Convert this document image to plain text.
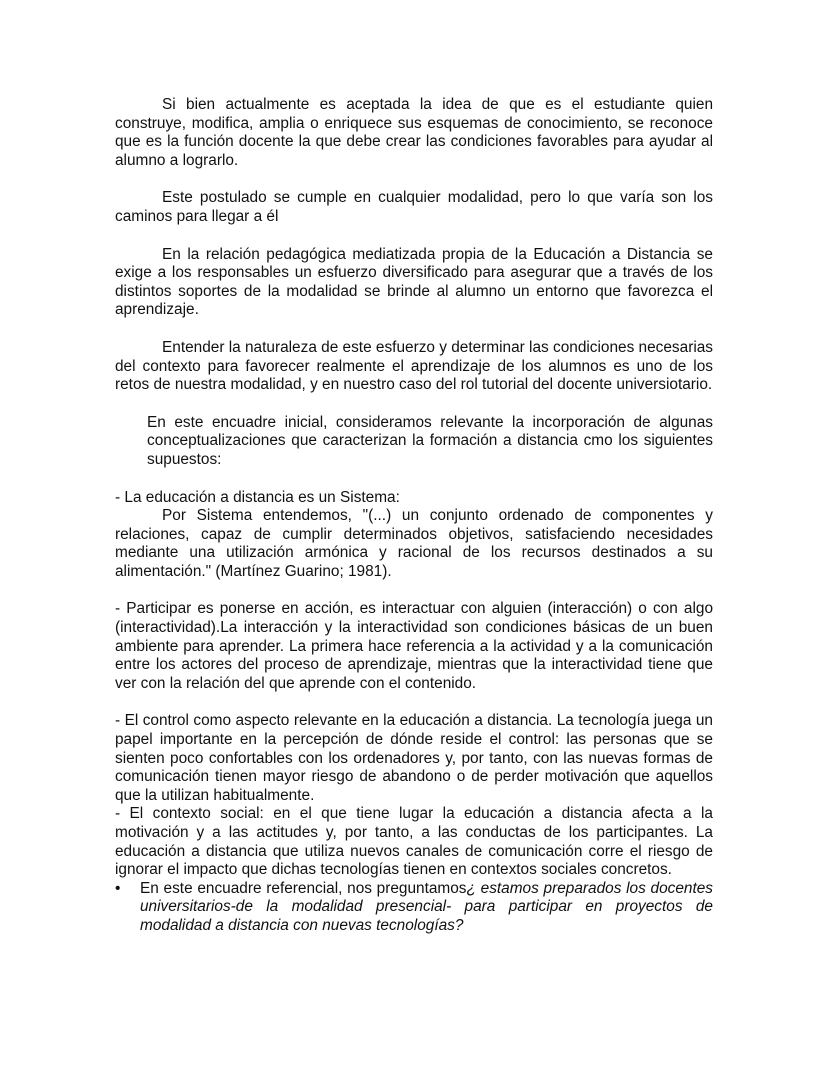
Si bien actualmente es aceptada la idea de que es el estudiante quien construye, modifica, amplia o enriquece sus esquemas de conocimiento, se reconoce que es la función docente la que debe crear las condiciones favorables para ayudar al alumno a lograrlo.

Este postulado se cumple en cualquier modalidad, pero lo que varía son los caminos para llegar a él

En la relación pedagógica mediatizada propia de la Educación a Distancia se exige a los responsables un esfuerzo diversificado para asegurar que a través de los distintos soportes de la modalidad se brinde al alumno un entorno que favorezca el aprendizaje.

Entender la naturaleza de este esfuerzo y determinar las condiciones necesarias del contexto para favorecer realmente el aprendizaje de los alumnos es uno de los retos de nuestra modalidad, y en nuestro caso del rol tutorial del docente universiotario.

En este encuadre inicial, consideramos relevante la incorporación de algunas conceptualizaciones que caracterizan la formación a distancia cmo los siguientes supuestos:

- La educación a distancia es un Sistema:

Por Sistema entendemos, "(...) un conjunto ordenado de componentes y relaciones, capaz de cumplir determinados objetivos, satisfaciendo necesidades mediante una utilización armónica y racional de los recursos destinados a su alimentación." (Martínez Guarino; 1981).

- Participar es ponerse en acción, es interactuar con alguien (interacción) o con algo (interactividad).La interacción y la interactividad son condiciones básicas de un buen ambiente para aprender. La primera hace referencia a la actividad y a la comunicación entre los actores del proceso de aprendizaje, mientras que la interactividad tiene que ver con la relación del que aprende con el contenido.

- El control como aspecto relevante en la educación a distancia. La tecnología juega un papel importante en la percepción de dónde reside el control: las personas que se sienten poco confortables con los ordenadores y, por tanto, con las nuevas formas de comunicación tienen mayor riesgo de abandono o de perder motivación que aquellos que la utilizan habitualmente.

- El contexto social: en el que tiene lugar la educación a distancia afecta a la motivación y a las actitudes y, por tanto, a las conductas de los participantes. La educación a distancia que utiliza nuevos canales de comunicación corre el riesgo de ignorar el impacto que dichas tecnologías tienen en contextos sociales concretos.

• En este encuadre referencial, nos preguntamos¿ estamos preparados los docentes universitarios-de la modalidad presencial- para participar en proyectos de modalidad a distancia con nuevas tecnologías?
